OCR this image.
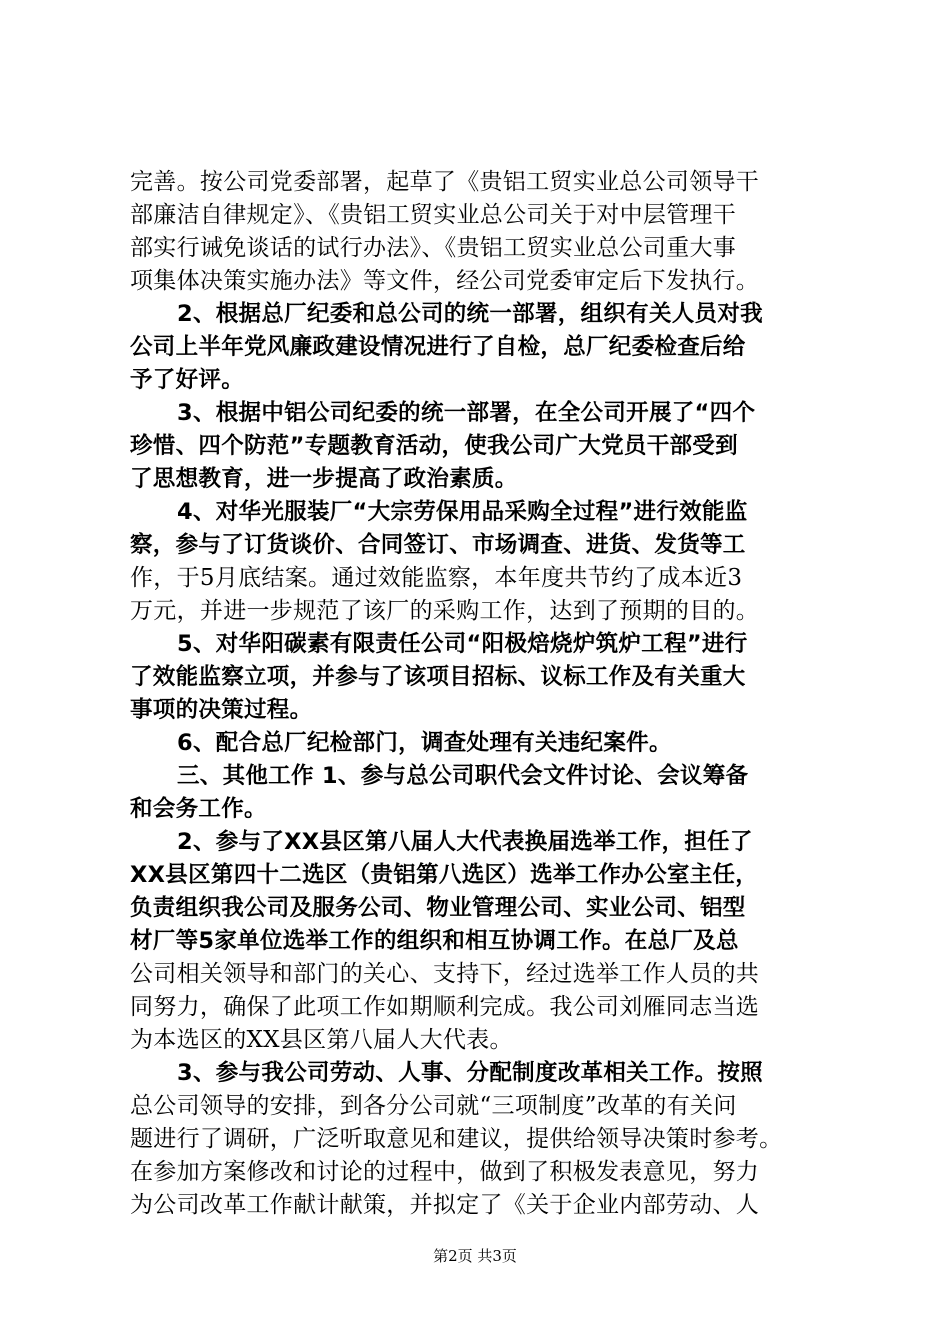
完善。按公司党委部署，起草了《贵铝工贸实业总公司领导干
部廉洁自律规定》、《贵铝工贸实业总公司关于对中层管理干
部实行诫免谈话的试行办法》、《贵铝工贸实业总公司重大事
项集体决策实施办法》等文件，经公司党委审定后下发执行。
2、根据总厂纪委和总公司的统一部署，组织有关人员对我
公司上半年党风廉政建设情况进行了自检，总厂纪委检查后给
予了好评。
3、根据中铝公司纪委的统一部署，在全公司开展了“四个
珍惜、四个防范”专题教育活动，使我公司广大党员干部受到
了思想教育，进一步提高了政治素质。
4、对华光服装厂“大宗劳保用品采购全过程”进行效能监
察，参与了订货谈价、合同签订、市场调查、进货、发货等工
作，于5月底结案。通过效能监察，本年度共节约了成本近3
万元，并进一步规范了该厂的采购工作，达到了预期的目的。
5、对华阳碳素有限责任公司“阳极焙烧炉筑炉工程”进行
了效能监察立项，并参与了该项目招标、议标工作及有关重大
事项的决策过程。
6、配合总厂纪检部门，调查处理有关违纪案件。
三、其他工作 1、参与总公司职代会文件讨论、会议筹备
和会务工作。
2、参与了XX县区第八届人大代表换届选举工作，担任了
XX县区第四十二选区（贵铝第八选区）选举工作办公室主任，
负责组织我公司及服务公司、物业管理公司、实业公司、铝型
材厂等5家单位选举工作的组织和相互协调工作。在总厂及总
公司相关领导和部门的关心、支持下，经过选举工作人员的共
同努力，确保了此项工作如期顺利完成。我公司刘雁同志当选
为本选区的XX县区第八届人大代表。
3、参与我公司劳动、人事、分配制度改革相关工作。按照
总公司领导的安排，到各分公司就“三项制度”改革的有关问
题进行了调研，广泛听取意见和建议，提供给领导决策时参考。
在参加方案修改和讨论的过程中，做到了积极发表意见，努力
为公司改革工作献计献策，并拟定了《关于企业内部劳动、人
第2页 共3页
